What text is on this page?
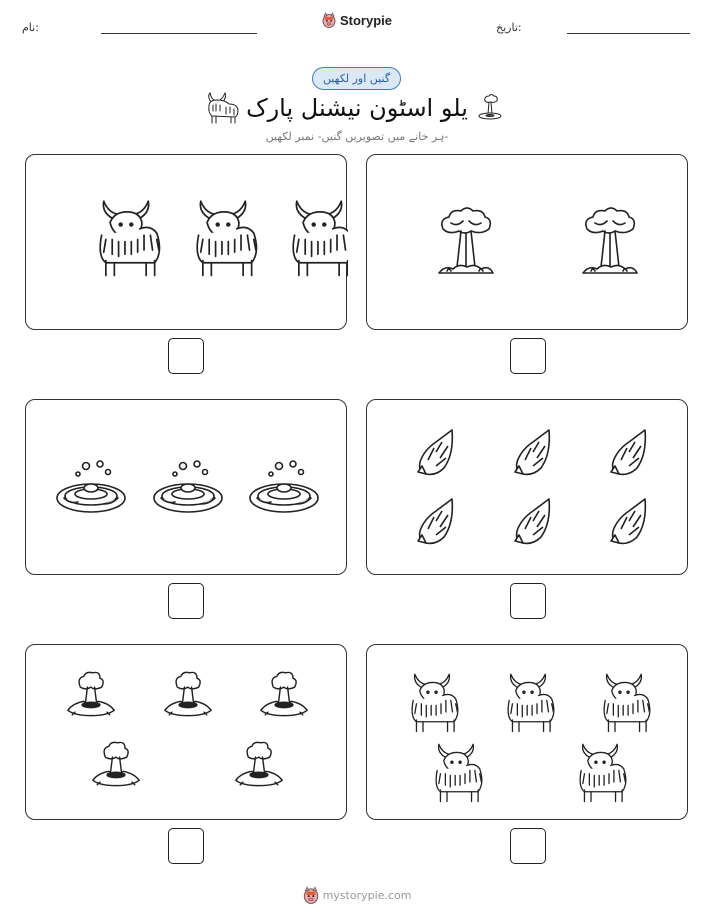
نام:	Storypie	تاریخ:
گنیں اور لکھیں
یلو اسٹون نیشنل پارک
ہر خانے میں تصویریں گنیں- نمبر لکھیں-
mystorypie.com
